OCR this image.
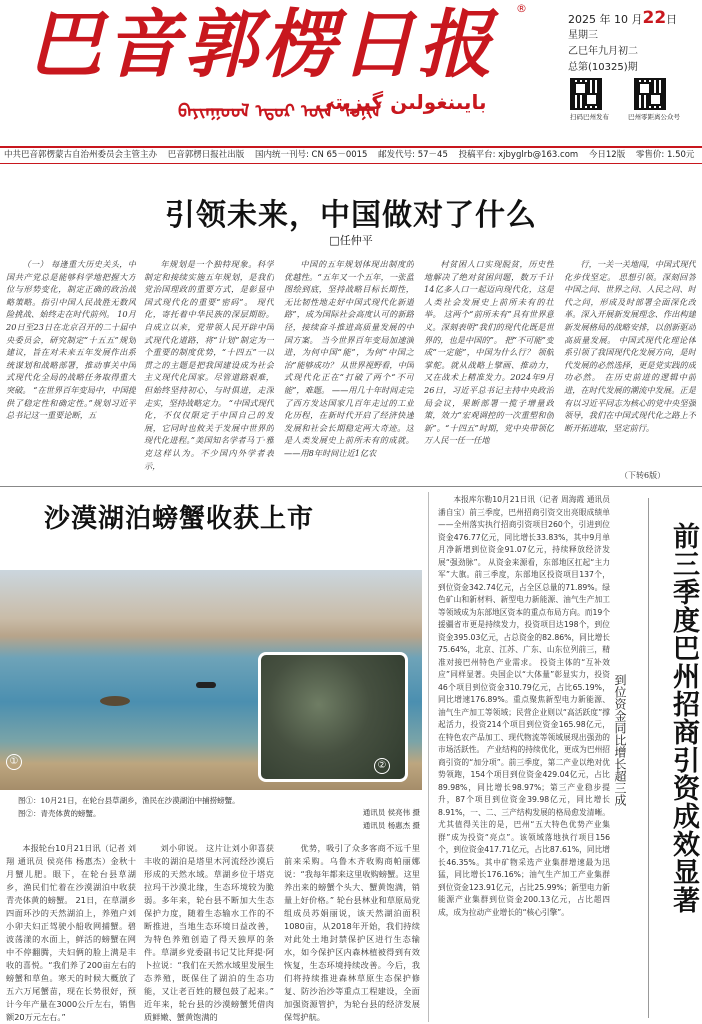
巴音郭楞日报	®
ᠪᠠᠶᠢᠨᠭᠣᠤᠯ ᠡᠳᠦᠷ ᠦᠨ ᠰᠣᠨᠢᠨ
بايىنغولىن گېزىتى
2025 年 10 月22日
星期三
乙巳年九月初二
总第(10325)期
扫码巴州发布	巴州零距离公众号
中共巴音郭楞蒙古自治州委员会主管主办 巴音郭楞日报社出版 国内统一刊号: CN 65－0015 邮发代号: 57－45 投稿平台: xjbyglrb@163.com 今日12版 零售价: 1.50元
引领未来，中国做对了什么
□任仲平

（一） 每逢重大历史关头，中国共产党总是能够科学地把握大方位与形势变化，制定正确的政治战略策略。指引中国人民战胜无数风险挑战、始终走在时代前列。 10月20日至23日在北京召开的二十届中央委员会，研究制定“十五五”规划建议，旨在对未来五年发展作出系统谋划和战略部署，推动事关中国式现代化全局的战略任务取得重大突破。 “在世界百年变局中，中国提供了稳定性和确定性。”规划习近平总书记这一重要论断，五

年规划是一个独特现象。科学制定和接续实施五年规划，是我们党治国理政的重要方式，是彰显中国式现代化的重要“密码”。 现代化，寄托着中华民族的深层期盼。自成立以来，党带领人民开辟中国式现代化道路，将“计划”制定为一个重要的制度优势，“十四五”一以贯之的主题是把我国建设成为社会主义现代化国家。尽管道路艰难，但始终坚持初心，与时俱进，走深走实，坚持战略定力。 “中国式现代化，不仅仅限定于中国自己的发展，它同时也攸关于发展中世界的现代化进程。”美国知名学者马丁·雅克这样认为。不少国内外学者表示，

中国的五年规划体现出制度的优越性。“五年又一个五年，一张蓝图绘到底，坚持战略目标长期性，无比韧性地走好中国式现代化新道路”，成为国际社会高度认可的新路径，接续奋斗推进高质量发展的中国方案。 当今世界百年变局加速演进，为何中国“能”，为何“中国之治”能够成功？ 从世界视野看，中国式现代化正在“打破了两个“不可能”，难题。 ——用几十年时间走完了西方发达国家几百年走过的工业化历程，在新时代开启了经济快速发展和社会长期稳定两大奇迹。这是人类发展史上前所未有的成就。 ——用8年时间让近1亿农

村贫困人口实现脱贫，历史性地解决了绝对贫困问题，数万千计14亿多人口一起迈向现代化，这是人类社会发展史上前所未有的壮举。 这两个“前所未有”具有世界意义。深刻表明“我们的现代化既是世界的，也是中国的”。 把“不可能”变成“一定能”，中国为什么行？ 领航掌舵。就从战略上擘画、推动力，又在战术上精准发力。2024年9月26日，习近平总书记主持中央政治局会议，果断部署一揽子增量政策，效力“宏观调控的一次重塑和创新”。“十四五”时期，党中央带领亿万人民一任一任地

行，一关一关地闯，中国式现代化步伐坚定。 思想引领。深刻回答中国之问、世界之问、人民之问、时代之问，形成及时部署全面深化改革。深入开展新发展理念、作出构建新发展格局的战略安排，以创新驱动高质量发展。 中国式现代化理论体系引领了我国现代化发展方向，是时代发展的必然选择，更是党实践的成功必然。 在历史前进的逻辑中前进，在时代发展的潮流中发展。正是有以习近平同志为核心的党中央坚强领导，我们在中国式现代化之路上不断开拓进取，坚定前行。

（下转6版）
沙漠湖泊螃蟹收获上市
①	②
图①：10月21日，在轮台县草湖乡，渔民在沙漠湖泊中捕捞螃蟹。
图②：青壳体黄的螃蟹。	通讯员 侯亮伟 摄
通讯员 杨惠杰 摄

本报轮台10月21日讯（记者 刘翔 通讯员 侯亮伟 杨惠杰）金秋十月蟹儿肥。眼下，在轮台县草湖乡，渔民们忙着在沙漠湖泊中收获青壳体黄的螃蟹。 21日，在草湖乡四面环沙的天然湖泊上，养殖户刘小卯夫妇正驾驶小船收网捕蟹。碧波荡漾的水面上，鲜活的螃蟹在网中不停翻腾，夫妇俩的脸上满是丰收的喜悦。“我们养了200亩左右的螃蟹和草鱼。寒天的时候大概放了五六万尾蟹苗，现在长势很好，预计今年产量在3000公斤左右，销售额20万元左右。”

刘小卯说。 这片让刘小卯喜获丰收的湖泊是塔里木河流经沙漠后形成的天然水域。草湖乡位于塔克拉玛干沙漠北缘，生态环境较为脆弱。多年来，轮台县不断加大生态保护力度，随着生态输水工作的不断推进，当地生态环境日益改善，为特色养殖创造了得天独厚的条件。草湖乡党委副书记艾比拜提·阿卜拉说：“我们在天然水域里发展生态养殖，既保住了湖泊的生态功能，又让老百姓的腰包鼓了起来。” 近年来，轮台县的沙漠螃蟹凭借肉质鲜嫩、蟹黄饱满的

优势，吸引了众多客商不远千里前来采购。乌鲁木齐收购商帕丽娜说：“我每年都来这里收购螃蟹。这里养出来的螃蟹个头大、蟹黄饱满，销量上好价格。” 轮台县林业和草原局党组成员苏娟丽说，该天然湖泊面积1080亩，从2018年开始，我们持续对此处土地封禁保护区进行生态输水，如今保护区内森林植被得到有效恢复，生态环境持续改善。今后，我们将持续推进森林草原生态保护修复、防沙治沙等重点工程建设，全面加强资源管护，为轮台县的经济发展保驾护航。

本报库尔勒10月21日讯（记者 周海霞 通讯员 潘自宝）前三季度，巴州招商引资交出亮眼成绩单——全州落实执行招商引资项目260个，引进到位资金476.77亿元，同比增长33.83%，其中9月单月净新增到位资金91.07亿元，持续释放经济发展“强劲脉”。 从资金来源看，东部地区扛起“主力军”大旗。前三季度，东部地区投资项目137个，到位资金342.74亿元，占全区总量的71.89%。绿色矿山和新材料、新型电力新能源、油气生产加工等领域成为东部地区资本的重点布局方向。而19个援疆省市更是持续发力，投资项目达198个，到位资金395.03亿元，占总资金的82.86%，同比增长75.64%，北京、江苏、广东、山东位列前三，精准对接巴州特色产业需求。 投资主体的“互补效应”同样显著。央国企以“大体量”彰显实力，投资46个项目到位资金310.79亿元，占比65.19%，同比增速176.89%。重点聚焦新型电力新能源、油气生产加工等领域；民营企业则以“高活跃度”撑起活力，投资214个项目到位资金165.98亿元，在特色农产品加工、现代物流等领域展现出强劲的市场活跃性。 产业结构的持续优化，更成为巴州招商引资的“加分项”。前三季度，第二产业以绝对优势领跑，154个项目到位资金429.04亿元，占比89.98%，同比增长98.97%；第三产业稳步提升，87个项目到位资金39.98亿元，同比增长8.91%，一、二、三产结构发展的格局愈发清晰。 尤其值得关注的是，巴州“五大特色优势产业集群”成为投资“亮点”。该领域落地执行项目156个，到位资金417.71亿元，占比87.61%，同比增长46.35%。其中矿物采选产业集群增速最为迅猛，同比增长176.16%；油气生产加工产业集群到位资金123.91亿元，占比25.99%；新型电力新能源产业集群到位资金200.13亿元，占比超四成，成为拉动产业增长的“核心引擎”。	前三季度巴州招商引资成效显著
到位资金同比增长超三成
